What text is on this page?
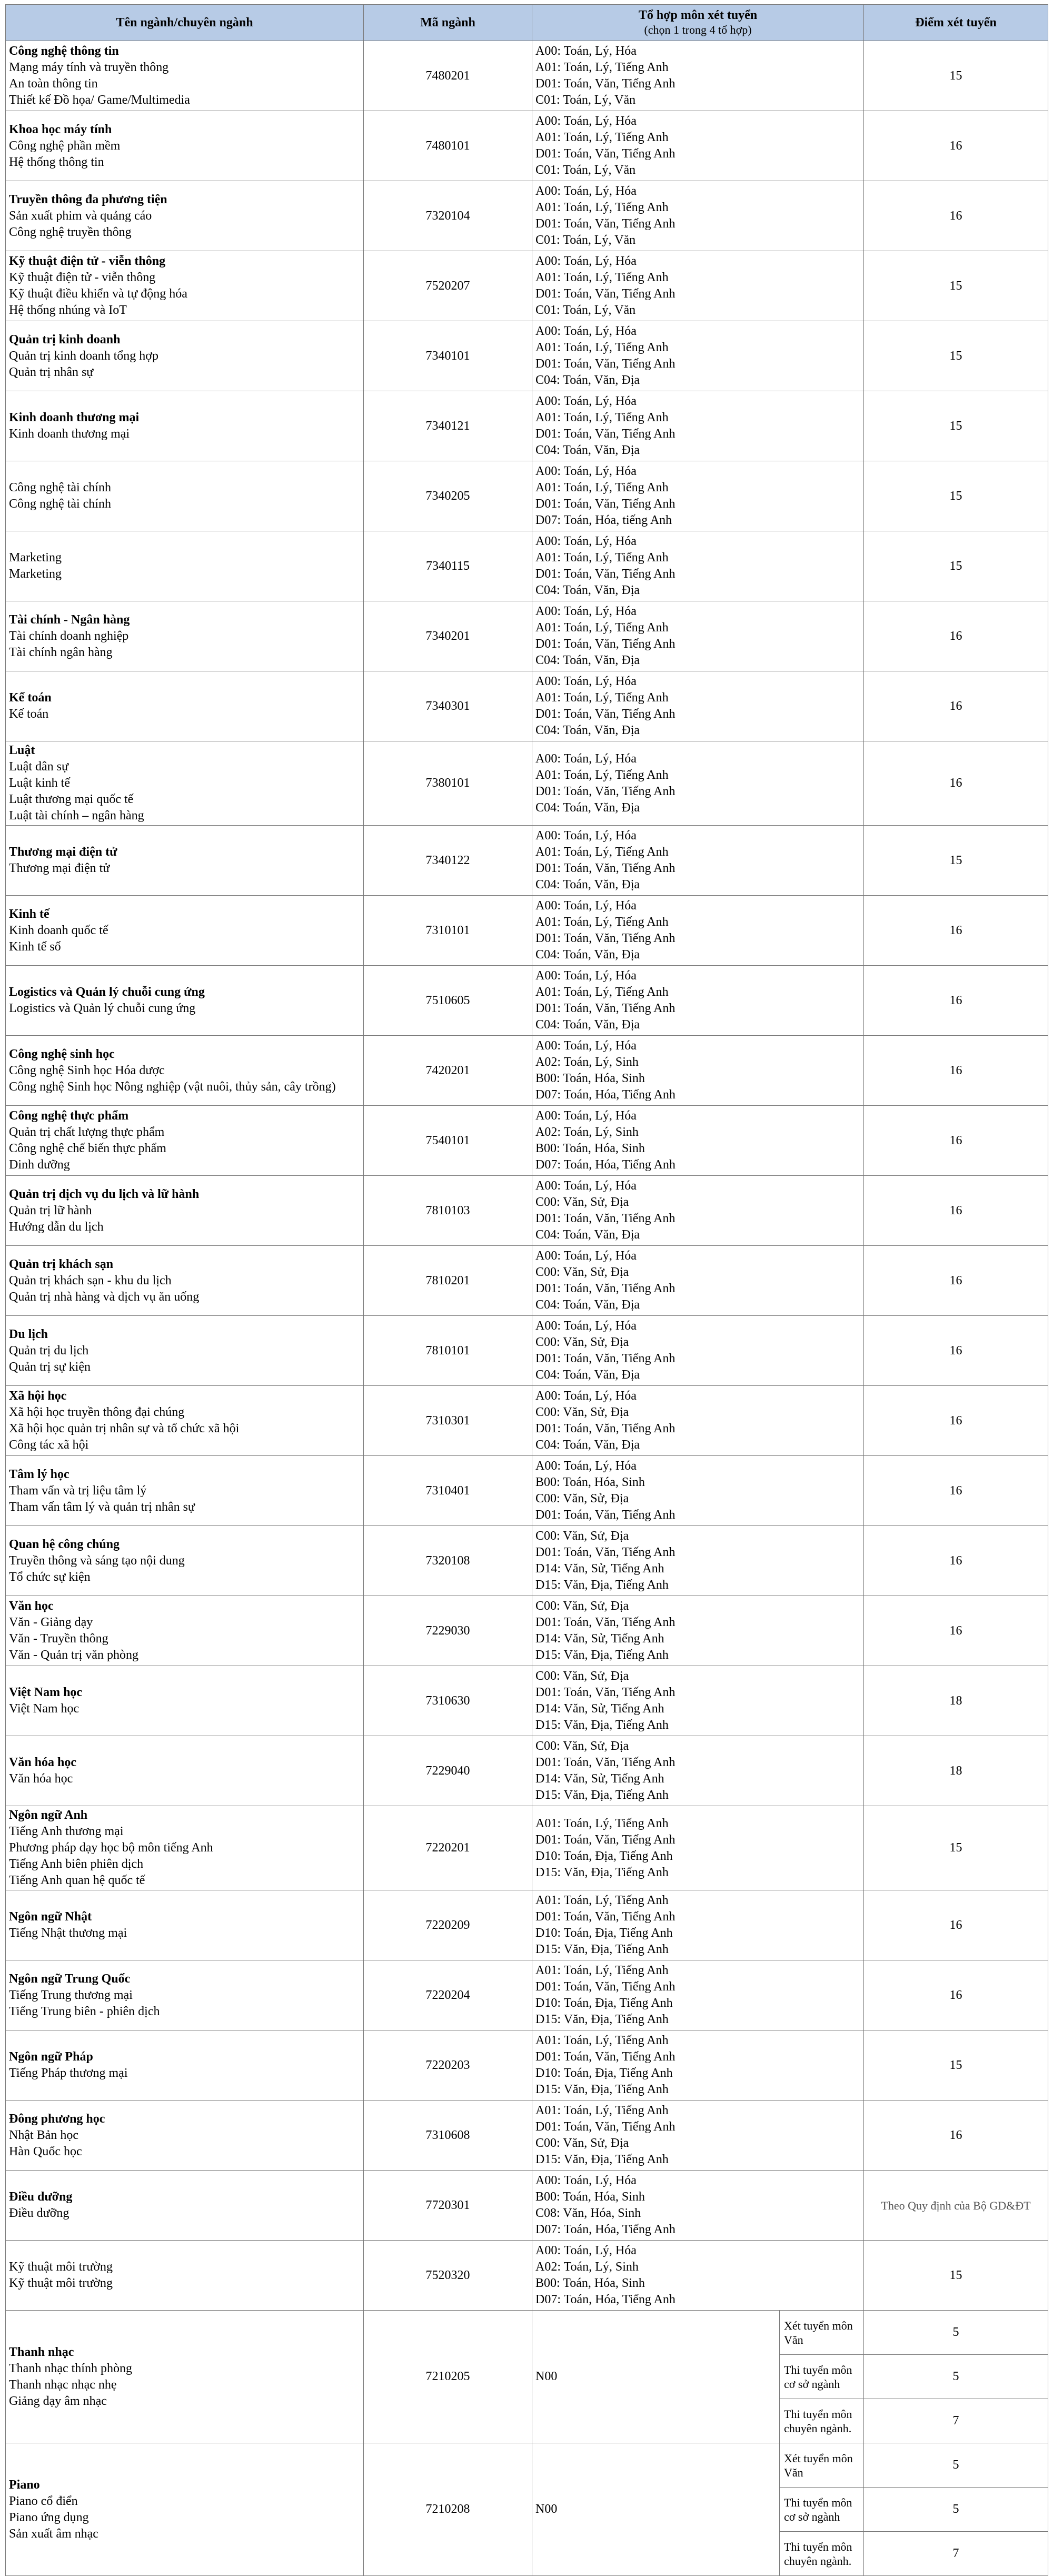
Tên ngành/chuyên ngành	Mã ngành	Tổ hợp môn xét tuyển
(chọn 1 trong 4 tổ hợp)		Điểm xét tuyển

Công nghệ thông tin
Mạng máy tính và truyền thông
An toàn thông tin
Thiết kế Đồ họa/ Game/Multimedia	7480201	A00: Toán, Lý, Hóa
A01: Toán, Lý, Tiếng Anh
D01: Toán, Văn, Tiếng Anh
C01: Toán, Lý, Văn		15

Khoa học máy tính
Công nghệ phần mềm
Hệ thống thông tin	7480101	A00: Toán, Lý, Hóa
A01: Toán, Lý, Tiếng Anh
D01: Toán, Văn, Tiếng Anh
C01: Toán, Lý, Văn		16

Truyền thông đa phương tiện
Sản xuất phim và quảng cáo
Công nghệ truyền thông	7320104	A00: Toán, Lý, Hóa
A01: Toán, Lý, Tiếng Anh
D01: Toán, Văn, Tiếng Anh
C01: Toán, Lý, Văn		16

Kỹ thuật điện tử - viễn thông
Kỹ thuật điện tử - viễn thông
Kỹ thuật điều khiển và tự động hóa
Hệ thống nhúng và IoT	7520207	A00: Toán, Lý, Hóa
A01: Toán, Lý, Tiếng Anh
D01: Toán, Văn, Tiếng Anh
C01: Toán, Lý, Văn		15

Quản trị kinh doanh
Quản trị kinh doanh tổng hợp
Quản trị nhân sự	7340101	A00: Toán, Lý, Hóa
A01: Toán, Lý, Tiếng Anh
D01: Toán, Văn, Tiếng Anh
C04: Toán, Văn, Địa		15

Kinh doanh thương mại
Kinh doanh thương mại	7340121	A00: Toán, Lý, Hóa
A01: Toán, Lý, Tiếng Anh
D01: Toán, Văn, Tiếng Anh
C04: Toán, Văn, Địa		15

Công nghệ tài chính
Công nghệ tài chính	7340205	A00: Toán, Lý, Hóa
A01: Toán, Lý, Tiếng Anh
D01: Toán, Văn, Tiếng Anh
D07: Toán, Hóa, tiếng Anh		15

Marketing
Marketing	7340115	A00: Toán, Lý, Hóa
A01: Toán, Lý, Tiếng Anh
D01: Toán, Văn, Tiếng Anh
C04: Toán, Văn, Địa		15

Tài chính - Ngân hàng
Tài chính doanh nghiệp
Tài chính ngân hàng	7340201	A00: Toán, Lý, Hóa
A01: Toán, Lý, Tiếng Anh
D01: Toán, Văn, Tiếng Anh
C04: Toán, Văn, Địa		16

Kế toán
Kế toán	7340301	A00: Toán, Lý, Hóa
A01: Toán, Lý, Tiếng Anh
D01: Toán, Văn, Tiếng Anh
C04: Toán, Văn, Địa		16

Luật
Luật dân sự
Luật kinh tế
Luật thương mại quốc tế
Luật tài chính – ngân hàng	7380101	A00: Toán, Lý, Hóa
A01: Toán, Lý, Tiếng Anh
D01: Toán, Văn, Tiếng Anh
C04: Toán, Văn, Địa		16

Thương mại điện tử
Thương mại điện tử	7340122	A00: Toán, Lý, Hóa
A01: Toán, Lý, Tiếng Anh
D01: Toán, Văn, Tiếng Anh
C04: Toán, Văn, Địa		15

Kinh tế
Kinh doanh quốc tế
Kinh tế số	7310101	A00: Toán, Lý, Hóa
A01: Toán, Lý, Tiếng Anh
D01: Toán, Văn, Tiếng Anh
C04: Toán, Văn, Địa		16

Logistics và Quản lý chuỗi cung ứng
Logistics và Quản lý chuỗi cung ứng	7510605	A00: Toán, Lý, Hóa
A01: Toán, Lý, Tiếng Anh
D01: Toán, Văn, Tiếng Anh
C04: Toán, Văn, Địa		16

Công nghệ sinh học
Công nghệ Sinh học Hóa dược
Công nghệ Sinh học Nông nghiệp (vật nuôi, thủy sản, cây trồng)	7420201	A00: Toán, Lý, Hóa
A02: Toán, Lý, Sinh
B00: Toán, Hóa, Sinh
D07: Toán, Hóa, Tiếng Anh		16

Công nghệ thực phẩm
Quản trị chất lượng thực phẩm
Công nghệ chế biến thực phẩm
Dinh dưỡng	7540101	A00: Toán, Lý, Hóa
A02: Toán, Lý, Sinh
B00: Toán, Hóa, Sinh
D07: Toán, Hóa, Tiếng Anh		16

Quản trị dịch vụ du lịch và lữ hành
Quản trị lữ hành
Hướng dẫn du lịch	7810103	A00: Toán, Lý, Hóa
C00: Văn, Sử, Địa
D01: Toán, Văn, Tiếng Anh
C04: Toán, Văn, Địa		16

Quản trị khách sạn
Quản trị khách sạn - khu du lịch
Quản trị nhà hàng và dịch vụ ăn uống	7810201	A00: Toán, Lý, Hóa
C00: Văn, Sử, Địa
D01: Toán, Văn, Tiếng Anh
C04: Toán, Văn, Địa		16

Du lịch
Quản trị du lịch
Quản trị sự kiện	7810101	A00: Toán, Lý, Hóa
C00: Văn, Sử, Địa
D01: Toán, Văn, Tiếng Anh
C04: Toán, Văn, Địa		16

Xã hội học
Xã hội học truyền thông đại chúng
Xã hội học quản trị nhân sự và tổ chức xã hội
Công tác xã hội	7310301	A00: Toán, Lý, Hóa
C00: Văn, Sử, Địa
D01: Toán, Văn, Tiếng Anh
C04: Toán, Văn, Địa		16

Tâm lý học
Tham vấn và trị liệu tâm lý
Tham vấn tâm lý và quản trị nhân sự	7310401	A00: Toán, Lý, Hóa
B00: Toán, Hóa, Sinh
C00: Văn, Sử, Địa
D01: Toán, Văn, Tiếng Anh		16

Quan hệ công chúng
Truyền thông và sáng tạo nội dung
Tổ chức sự kiện	7320108	C00: Văn, Sử, Địa
D01: Toán, Văn, Tiếng Anh
D14: Văn, Sử, Tiếng Anh
D15: Văn, Địa, Tiếng Anh		16

Văn học
Văn - Giảng dạy
Văn - Truyền thông
Văn - Quản trị văn phòng	7229030	C00: Văn, Sử, Địa
D01: Toán, Văn, Tiếng Anh
D14: Văn, Sử, Tiếng Anh
D15: Văn, Địa, Tiếng Anh		16

Việt Nam học
Việt Nam học	7310630	C00: Văn, Sử, Địa
D01: Toán, Văn, Tiếng Anh
D14: Văn, Sử, Tiếng Anh
D15: Văn, Địa, Tiếng Anh		18

Văn hóa học
Văn hóa học	7229040	C00: Văn, Sử, Địa
D01: Toán, Văn, Tiếng Anh
D14: Văn, Sử, Tiếng Anh
D15: Văn, Địa, Tiếng Anh		18

Ngôn ngữ Anh
Tiếng Anh thương mại
Phương pháp dạy học bộ môn tiếng Anh
Tiếng Anh biên phiên dịch
Tiếng Anh quan hệ quốc tế	7220201	A01: Toán, Lý, Tiếng Anh
D01: Toán, Văn, Tiếng Anh
D10: Toán, Địa, Tiếng Anh
D15: Văn, Địa, Tiếng Anh		15

Ngôn ngữ Nhật
Tiếng Nhật thương mại	7220209	A01: Toán, Lý, Tiếng Anh
D01: Toán, Văn, Tiếng Anh
D10: Toán, Địa, Tiếng Anh
D15: Văn, Địa, Tiếng Anh		16

Ngôn ngữ Trung Quốc
Tiếng Trung thương mại
Tiếng Trung biên - phiên dịch	7220204	A01: Toán, Lý, Tiếng Anh
D01: Toán, Văn, Tiếng Anh
D10: Toán, Địa, Tiếng Anh
D15: Văn, Địa, Tiếng Anh		16

Ngôn ngữ Pháp
Tiếng Pháp thương mại	7220203	A01: Toán, Lý, Tiếng Anh
D01: Toán, Văn, Tiếng Anh
D10: Toán, Địa, Tiếng Anh
D15: Văn, Địa, Tiếng Anh		15

Đông phương học
Nhật Bản học
Hàn Quốc học	7310608	A01: Toán, Lý, Tiếng Anh
D01: Toán, Văn, Tiếng Anh
C00: Văn, Sử, Địa
D15: Văn, Địa, Tiếng Anh		16

Điều dưỡng
Điều dưỡng	7720301	A00: Toán, Lý, Hóa
B00: Toán, Hóa, Sinh
C08: Văn, Hóa, Sinh
D07: Toán, Hóa, Tiếng Anh		Theo Quy định của Bộ GD&ĐT

Kỹ thuật môi trường
Kỹ thuật môi trường	7520320	A00: Toán, Lý, Hóa
A02: Toán, Lý, Sinh
B00: Toán, Hóa, Sinh
D07: Toán, Hóa, Tiếng Anh		15

Thanh nhạc
Thanh nhạc thính phòng
Thanh nhạc nhạc nhẹ
Giảng dạy âm nhạc	7210205	N00	Xét tuyển môn Văn	5
			Thi tuyển môn cơ sở ngành	5
			Thi tuyển môn chuyên ngành.	7

Piano
Piano cổ điển
Piano ứng dụng
Sản xuất âm nhạc	7210208	N00	Xét tuyển môn Văn	5
			Thi tuyển môn cơ sở ngành	5
			Thi tuyển môn chuyên ngành.	7
